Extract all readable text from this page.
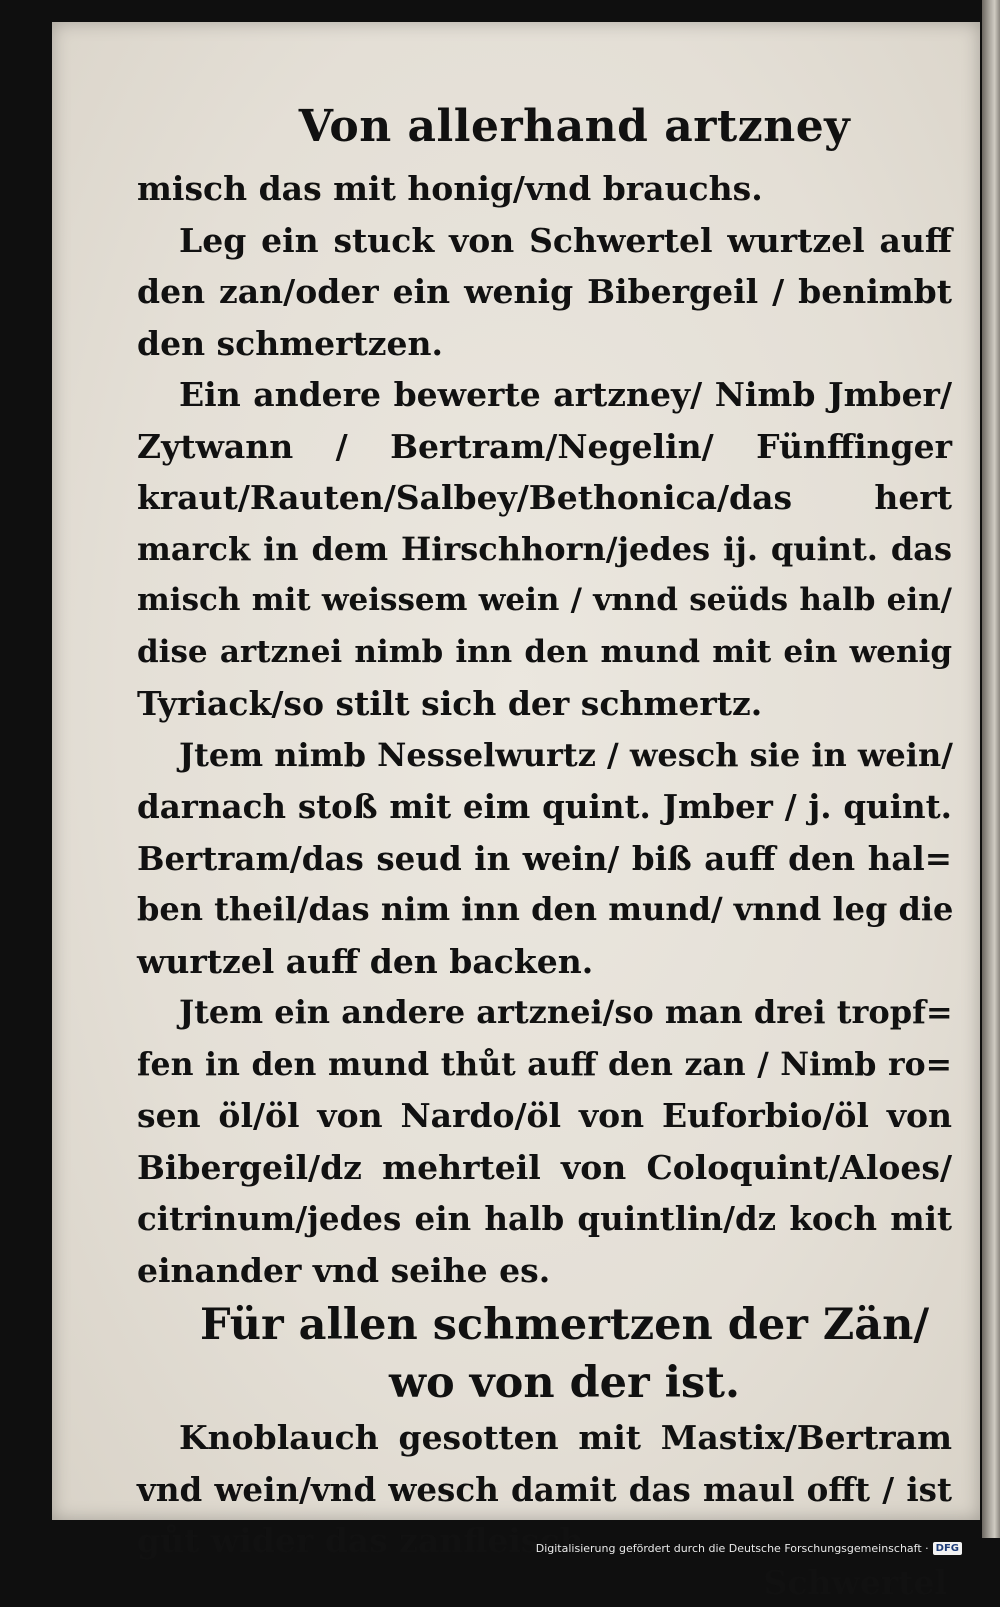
Von allerhand artzney
misch das mit honig/vnd brauchs.
Leg ein stuck von Schwertel wurtzel auff
den zan/oder ein wenig Bibergeil / benimbt
den schmertzen.
Ein andere bewerte artzney/ Nimb Jmber/
Zytwann / Bertram/Negelin/ Fünffinger
kraut/Rauten/Salbey/Bethonica/das hert
marck in dem Hirschhorn/jedes ij. quint. das
misch mit weissem wein / vnnd seüds halb ein/
dise artznei nimb inn den mund mit ein wenig
Tyriack/so stilt sich der schmertz.
Jtem nimb Nesselwurtz / wesch sie in wein/
darnach stoß mit eim quint. Jmber / j. quint.
Bertram/das seud in wein/ biß auff den hal=
ben theil/das nim inn den mund/ vnnd leg die
wurtzel auff den backen.
Jtem ein andere artznei/so man drei tropf=
fen in den mund thůt auff den zan / Nimb ro=
sen öl/öl von Nardo/öl von Euforbio/öl von
Bibergeil/dz mehrteil von Coloquint/Aloes/
citrinum/jedes ein halb quintlin/dz koch mit
einander vnd seihe es.
Für allen schmertzen der Zän/
wo von der ist.
Knoblauch gesotten mit Mastix/Bertram
vnd wein/vnd wesch damit das maul offt / ist
gůt wider das zanfleisch.
Schwertel
Digitalisierung gefördert durch die Deutsche Forschungsgemeinschaft · DFG
